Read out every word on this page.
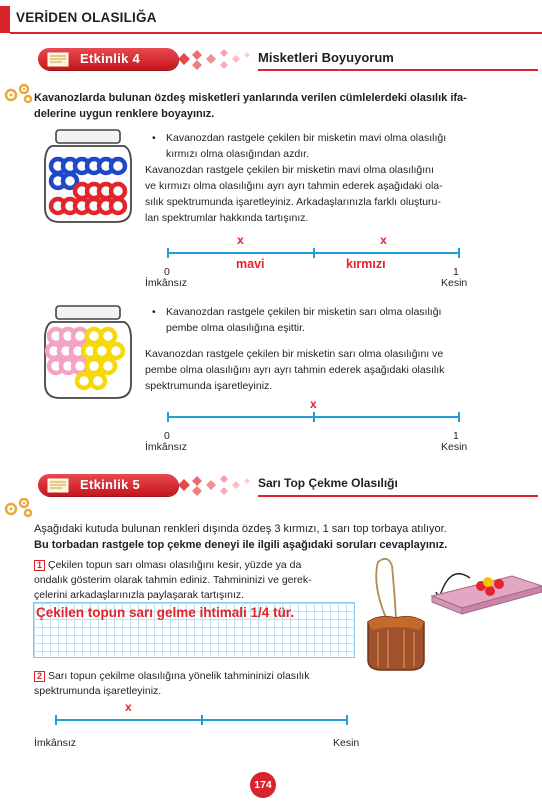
VERİDEN OLASILIĞA
Etkinlik 4	Misketleri Boyuyorum
Kavanozlarda bulunan özdeş misketleri yanlarında verilen cümlelerdeki olasılık ifa-
delerine uygun renklere boyayınız.
• Kavanozdan rastgele çekilen bir misketin mavi olma olasılığı
kırmızı olma olasığından azdır.
Kavanozdan rastgele çekilen bir misketin mavi olma olasılığını
ve kırmızı olma olasılığını ayrı ayrı tahmin ederek aşağıdaki ola-
sılık spektrumunda işaretleyiniz. Arkadaşlarınızla farklı oluşturu-
lan spektrumlar hakkında tartışınız.
x	x
mavi	kırmızı
0	1
İmkânsız	Kesin
• Kavanozdan rastgele çekilen bir misketin sarı olma olasılığı
pembe olma olasılığına eşittir.
Kavanozdan rastgele çekilen bir misketin sarı olma olasılığını ve
pembe olma olasılığını ayrı ayrı tahmin ederek aşağıdaki olasılık
spektrumunda işaretleyiniz.
x
0	1
İmkânsız	Kesin
Etkinlik 5	Sarı Top Çekme Olasılığı
Aşağıdaki kutuda bulunan renkleri dışında özdeş 3 kırmızı, 1 sarı top torbaya atılıyor.
Bu torbadan rastgele top çekme deneyi ile ilgili aşağıdaki soruları cevaplayınız.
1 Çekilen topun sarı olması olasılığını kesir, yüzde ya da
ondalık gösterim olarak tahmin ediniz. Tahmininizi ve gerek-
çelerini arkadaşlarınızla paylaşarak tartışınız.
Çekilen topun sarı gelme ihtimali 1/4 tür.
2 Sarı topun çekilme olasılığına yönelik tahmininizi olasılık
spektrumunda işaretleyiniz.
x
İmkânsız	Kesin
174
